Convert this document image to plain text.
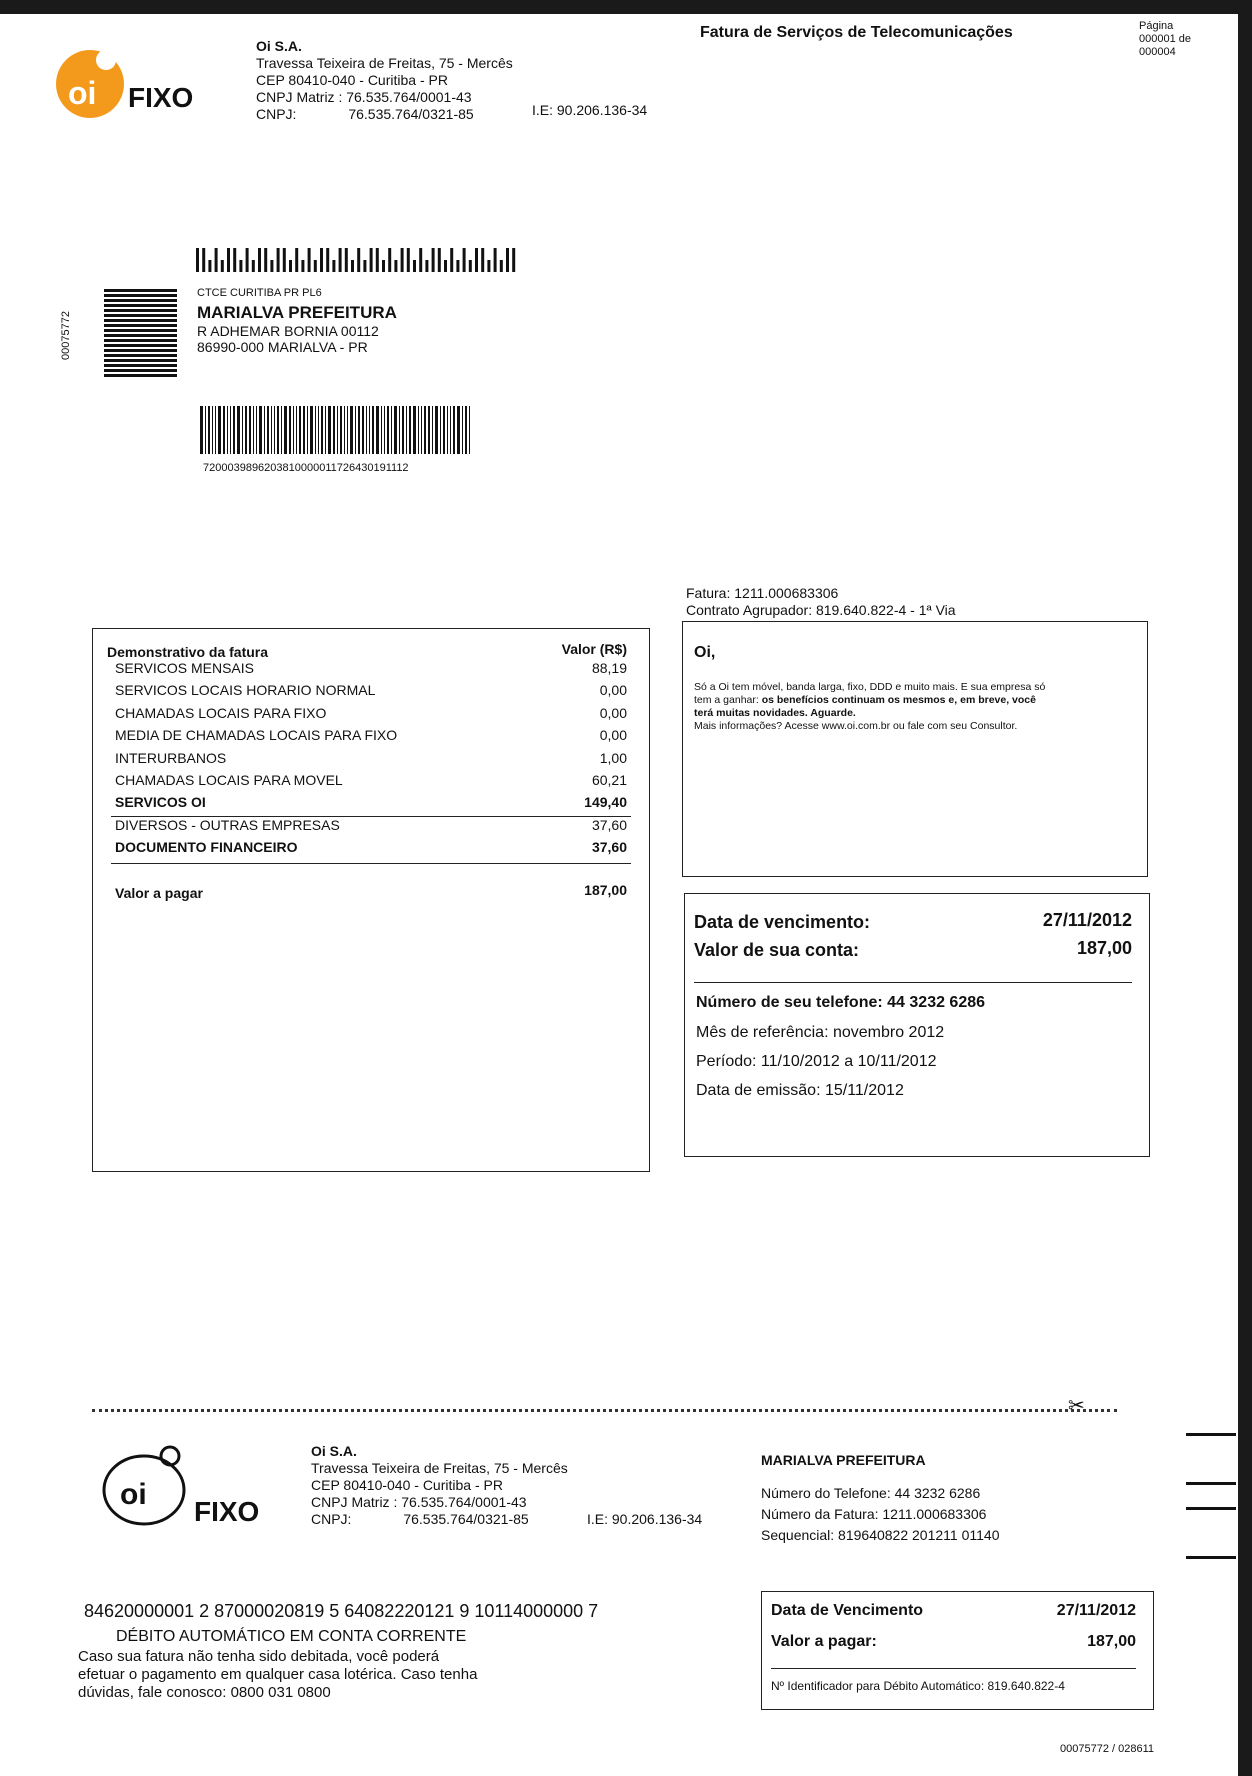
oi FIXO
Oi S.A.
Travessa Teixeira de Freitas, 75 - Mercês
CEP 80410-040 - Curitiba - PR
CNPJ Matriz : 76.535.764/0001-43
CNPJ:	76.535.764/0321-85	I.E: 90.206.136-34
Fatura de Serviços de Telecomunicações	Página
000001 de
000004
00075772
CTCE CURITIBA PR PL6
MARIALVA PREFEITURA
R ADHEMAR BORNIA 00112
86990-000 MARIALVA - PR
7200039896203810000011726430191112
Fatura: 1211.000683306
Contrato Agrupador: 819.640.822-4 - 1ª Via
Demonstrativo da fatura	Valor (R$)
SERVICOS MENSAIS	88,19
SERVICOS LOCAIS HORARIO NORMAL	0,00
CHAMADAS LOCAIS PARA FIXO	0,00
MEDIA DE CHAMADAS LOCAIS PARA FIXO	0,00
INTERURBANOS	1,00
CHAMADAS LOCAIS PARA MOVEL	60,21
SERVICOS OI	149,40
DIVERSOS - OUTRAS EMPRESAS	37,60
DOCUMENTO FINANCEIRO	37,60
Valor a pagar	187,00
Oi,
Só a Oi tem móvel, banda larga, fixo, DDD e muito mais. E sua empresa só
tem a ganhar: os benefícios continuam os mesmos e, em breve, você
terá muitas novidades. Aguarde.
Mais informações? Acesse www.oi.com.br ou fale com seu Consultor.
Data de vencimento:	27/11/2012
Valor de sua conta:	187,00
Número de seu telefone: 44 3232 6286
Mês de referência: novembro 2012
Período: 11/10/2012 a 10/11/2012
Data de emissão: 15/11/2012
✂
oi
FIXO
Oi S.A.
Travessa Teixeira de Freitas, 75 - Mercês
CEP 80410-040 - Curitiba - PR
CNPJ Matriz : 76.535.764/0001-43
CNPJ:	76.535.764/0321-85	I.E: 90.206.136-34
MARIALVA PREFEITURA
Número do Telefone: 44 3232 6286
Número da Fatura: 1211.000683306
Sequencial: 819640822 201211 01140
84620000001 2 87000020819 5 64082220121 9 10114000000 7
DÉBITO AUTOMÁTICO EM CONTA CORRENTE
Caso sua fatura não tenha sido debitada, você poderá
efetuar o pagamento em qualquer casa lotérica. Caso tenha
dúvidas, fale conosco: 0800 031 0800
Data de Vencimento	27/11/2012
Valor a pagar:	187,00
Nº Identificador para Débito Automático: 819.640.822-4
00075772 / 028611
